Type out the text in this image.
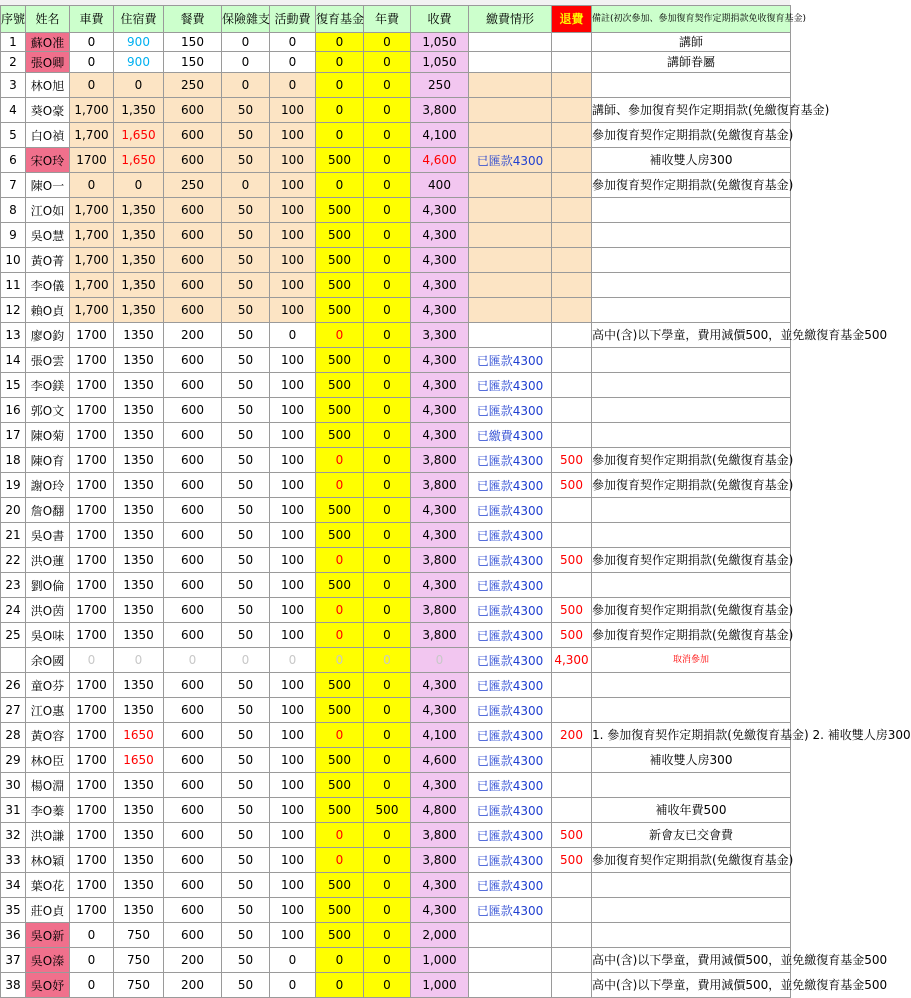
序號	姓名	車費	住宿費	餐費	保險雜支	活動費	復育基金	年費	收費	繳費情形	退費	備註(初次參加、參加復育契作定期捐款免收復育基金)
1	蘇O准	0	900	150	0	0	0	0	1,050			講師
2	張O卿	0	900	150	0	0	0	0	1,050			講師眷屬
3	林O旭	0	0	250	0	0	0	0	250			
4	葵O豪	1,700	1,350	600	50	100	0	0	3,800			講師、參加復育契作定期捐款(免繳復育基金)
5	白O禎	1,700	1,650	600	50	100	0	0	4,100			參加復育契作定期捐款(免繳復育基金)
6	宋O玲	1700	1,650	600	50	100	500	0	4,600	已匯款4300		補收雙人房300
7	陳O一	0	0	250	0	100	0	0	400			參加復育契作定期捐款(免繳復育基金)
8	江O如	1,700	1,350	600	50	100	500	0	4,300			
9	吳O慧	1,700	1,350	600	50	100	500	0	4,300			
10	黃O菁	1,700	1,350	600	50	100	500	0	4,300			
11	李O儀	1,700	1,350	600	50	100	500	0	4,300			
12	賴O貞	1,700	1,350	600	50	100	500	0	4,300			
13	廖O鈞	1700	1350	200	50	0	0	0	3,300			高中(含)以下學童，費用減價500，並免繳復育基金500
14	張O雲	1700	1350	600	50	100	500	0	4,300	已匯款4300		
15	李O鎂	1700	1350	600	50	100	500	0	4,300	已匯款4300		
16	郭O文	1700	1350	600	50	100	500	0	4,300	已匯款4300		
17	陳O菊	1700	1350	600	50	100	500	0	4,300	已繳費4300		
18	陳O育	1700	1350	600	50	100	0	0	3,800	已匯款4300	500	參加復育契作定期捐款(免繳復育基金)
19	謝O玲	1700	1350	600	50	100	0	0	3,800	已匯款4300	500	參加復育契作定期捐款(免繳復育基金)
20	詹O翻	1700	1350	600	50	100	500	0	4,300	已匯款4300		
21	吳O書	1700	1350	600	50	100	500	0	4,300	已匯款4300		
22	洪O蓮	1700	1350	600	50	100	0	0	3,800	已匯款4300	500	參加復育契作定期捐款(免繳復育基金)
23	劉O倫	1700	1350	600	50	100	500	0	4,300	已匯款4300		
24	洪O茵	1700	1350	600	50	100	0	0	3,800	已匯款4300	500	參加復育契作定期捐款(免繳復育基金)
25	吳O味	1700	1350	600	50	100	0	0	3,800	已匯款4300	500	參加復育契作定期捐款(免繳復育基金)
	余O國	0	0	0	0	0	0	0	0	已匯款4300	4,300	取消參加
26	童O芬	1700	1350	600	50	100	500	0	4,300	已匯款4300		
27	江O惠	1700	1350	600	50	100	500	0	4,300	已匯款4300		
28	黃O容	1700	1650	600	50	100	0	0	4,100	已匯款4300	200	1. 參加復育契作定期捐款(免繳復育基金) 2. 補收雙人房300
29	林O臣	1700	1650	600	50	100	500	0	4,600	已匯款4300		補收雙人房300
30	楊O淵	1700	1350	600	50	100	500	0	4,300	已匯款4300		
31	李O蓁	1700	1350	600	50	100	500	500	4,800	已匯款4300		補收年費500
32	洪O謙	1700	1350	600	50	100	0	0	3,800	已匯款4300	500	新會友已交會費
33	林O穎	1700	1350	600	50	100	0	0	3,800	已匯款4300	500	參加復育契作定期捐款(免繳復育基金)
34	葉O花	1700	1350	600	50	100	500	0	4,300	已匯款4300		
35	莊O貞	1700	1350	600	50	100	500	0	4,300	已匯款4300		
36	吳O新	0	750	600	50	100	500	0	2,000			
37	吳O溱	0	750	200	50	0	0	0	1,000			高中(含)以下學童，費用減價500，並免繳復育基金500
38	吳O妤	0	750	200	50	0	0	0	1,000			高中(含)以下學童，費用減價500，並免繳復育基金500
